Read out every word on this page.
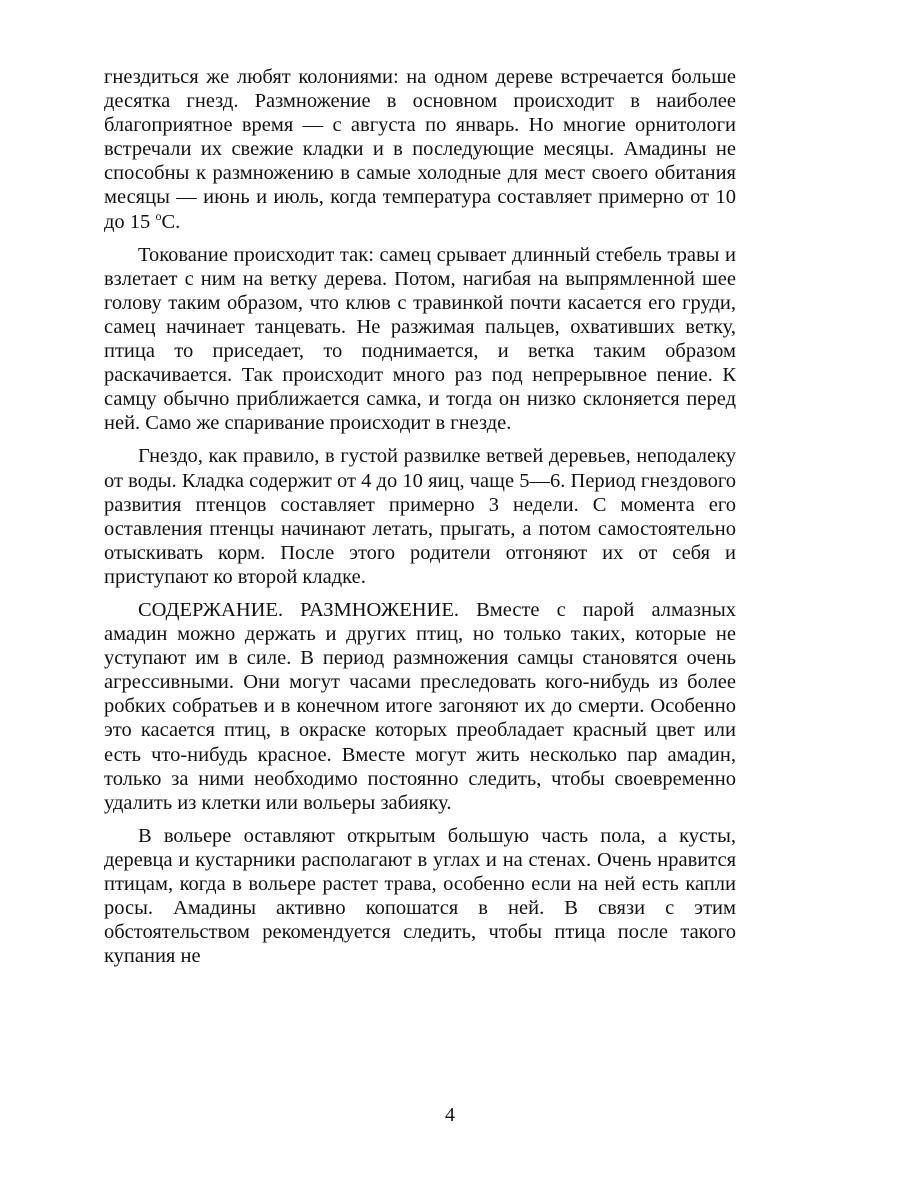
гнездиться же любят колониями: на одном дереве встречается больше десятка гнезд. Размножение в основном происходит в наиболее благоприятное время — с августа по январь. Но многие орнитологи встречали их свежие кладки и в последующие месяцы. Амадины не способны к размножению в самые холодные для мест своего обитания месяцы — июнь и июль, когда температура составляет примерно от 10 до 15 $^о$С.

Токование происходит так: самец срывает длинный стебель травы и взлетает с ним на ветку дерева. Потом, нагибая на выпрямленной шее голову таким образом, что клюв с травинкой почти касается его груди, самец начинает танцевать. Не разжимая пальцев, охвативших ветку, птица то приседает, то поднимается, и ветка таким образом раскачивается. Так происходит много раз под непрерывное пение. К самцу обычно приближается самка, и тогда он низко склоняется перед ней. Само же спаривание происходит в гнезде.

Гнездо, как правило, в густой развилке ветвей деревьев, неподалеку от воды. Кладка содержит от 4 до 10 яиц, чаще 5—6. Период гнездового развития птенцов составляет примерно 3 недели. С момента его оставления птенцы начинают летать, прыгать, а потом самостоятельно отыскивать корм. После этого родители отгоняют их от себя и приступают ко второй кладке.

СОДЕРЖАНИЕ. РАЗМНОЖЕНИЕ. Вместе с парой алмазных амадин можно держать и других птиц, но только таких, которые не уступают им в силе. В период размножения самцы становятся очень агрессивными. Они могут часами преследовать кого-нибудь из более робких собратьев и в конечном итоге загоняют их до смерти. Особенно это касается птиц, в окраске которых преобладает красный цвет или есть что-нибудь красное. Вместе могут жить несколько пар амадин, только за ними необходимо постоянно следить, чтобы своевременно удалить из клетки или вольеры забияку.

В вольере оставляют открытым большую часть пола, а кусты, деревца и кустарники располагают в углах и на стенах. Очень нравится птицам, когда в вольере растет трава, особенно если на ней есть капли росы. Амадины активно копошатся в ней. В связи с этим обстоятельством рекомендуется следить, чтобы птица после такого купания не

4
